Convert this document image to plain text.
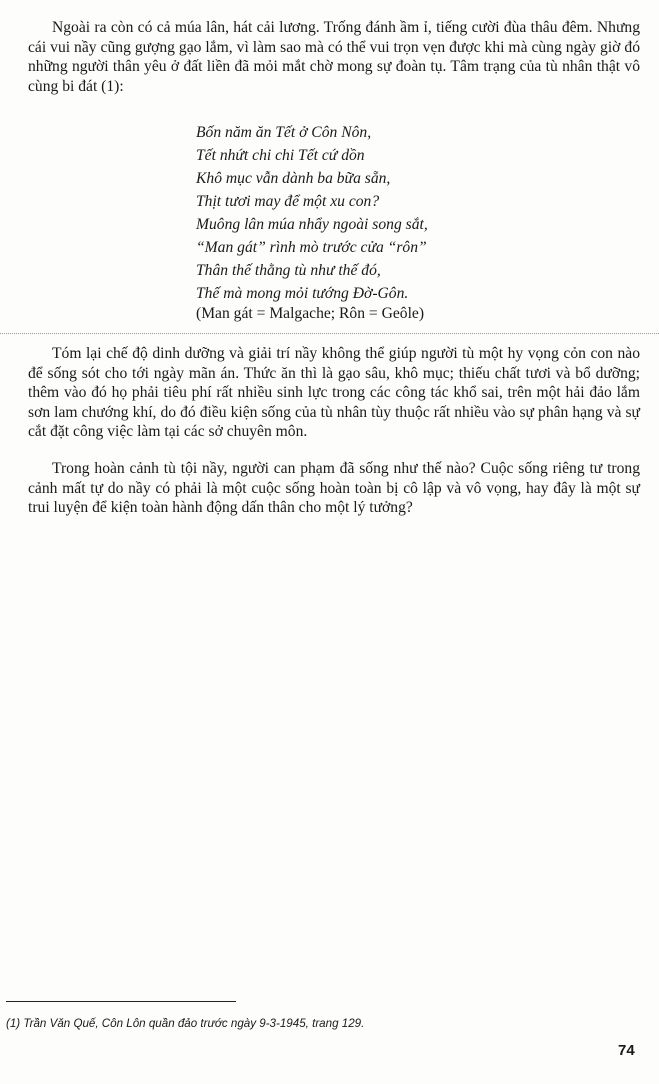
Ngoài ra còn có cả múa lân, hát cải lương. Trống đánh ầm ỉ, tiếng cười đùa thâu đêm. Nhưng cái vui nầy cũng gượng gạo lắm, vì làm sao mà có thể vui trọn vẹn được khi mà cùng ngày giờ đó những người thân yêu ở đất liền đã mỏi mắt chờ mong sự đoàn tụ. Tâm trạng của tù nhân thật vô cùng bi đát (1):

Bốn năm ăn Tết ở Côn Nôn,
Tết nhứt chi chi Tết cứ dồn
Khô mục vẫn dành ba bữa sẵn,
Thịt tươi may để một xu con?
Muông lân múa nhẩy ngoài song sắt,
“Man gát” rình mò trước cửa “rôn”
Thân thế thằng tù như thế đó,
Thế mà mong mỏi tướng Đờ-Gôn.
(Man gát = Malgache; Rôn = Geôle)

Tóm lại chế độ dinh dưỡng và giải trí nầy không thể giúp người tù một hy vọng cỏn con nào để sống sót cho tới ngày mãn án. Thức ăn thì là gạo sâu, khô mục; thiếu chất tươi và bổ dưỡng; thêm vào đó họ phải tiêu phí rất nhiều sinh lực trong các công tác khổ sai, trên một hải đảo lắm sơn lam chướng khí, do đó điều kiện sống của tù nhân tùy thuộc rất nhiều vào sự phân hạng và sự cắt đặt công việc làm tại các sở chuyên môn.

Trong hoàn cảnh tù tội nầy, người can phạm đã sống như thế nào? Cuộc sống riêng tư trong cảnh mất tự do nầy có phải là một cuộc sống hoàn toàn bị cô lập và vô vọng, hay đây là một sự trui luyện để kiện toàn hành động dấn thân cho một lý tưởng?

(1) Trần Văn Quế, Côn Lôn quần đảo trước ngày 9-3-1945, trang 129.
74
